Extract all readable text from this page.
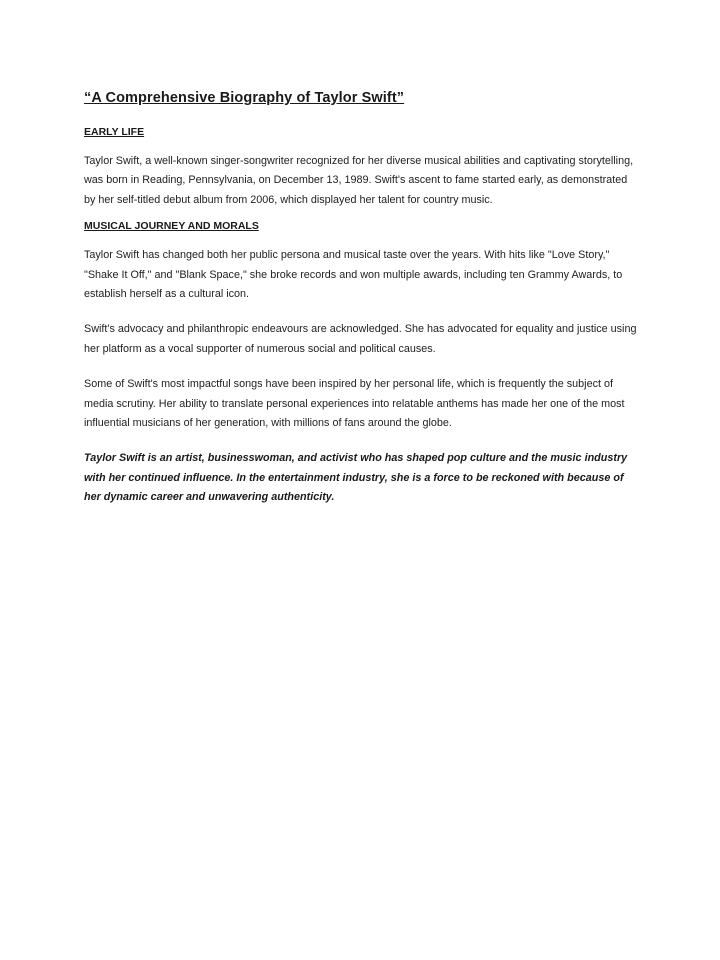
“A Comprehensive Biography of Taylor Swift”
EARLY LIFE

Taylor Swift, a well-known singer-songwriter recognized for her diverse musical abilities and captivating storytelling, was born in Reading, Pennsylvania, on December 13, 1989. Swift's ascent to fame started early, as demonstrated by her self-titled debut album from 2006, which displayed her talent for country music.

MUSICAL JOURNEY AND MORALS

Taylor Swift has changed both her public persona and musical taste over the years. With hits like "Love Story," "Shake It Off," and "Blank Space," she broke records and won multiple awards, including ten Grammy Awards, to establish herself as a cultural icon.

Swift's advocacy and philanthropic endeavours are acknowledged. She has advocated for equality and justice using her platform as a vocal supporter of numerous social and political causes.

Some of Swift's most impactful songs have been inspired by her personal life, which is frequently the subject of media scrutiny. Her ability to translate personal experiences into relatable anthems has made her one of the most influential musicians of her generation, with millions of fans around the globe.

Taylor Swift is an artist, businesswoman, and activist who has shaped pop culture and the music industry with her continued influence. In the entertainment industry, she is a force to be reckoned with because of her dynamic career and unwavering authenticity.
